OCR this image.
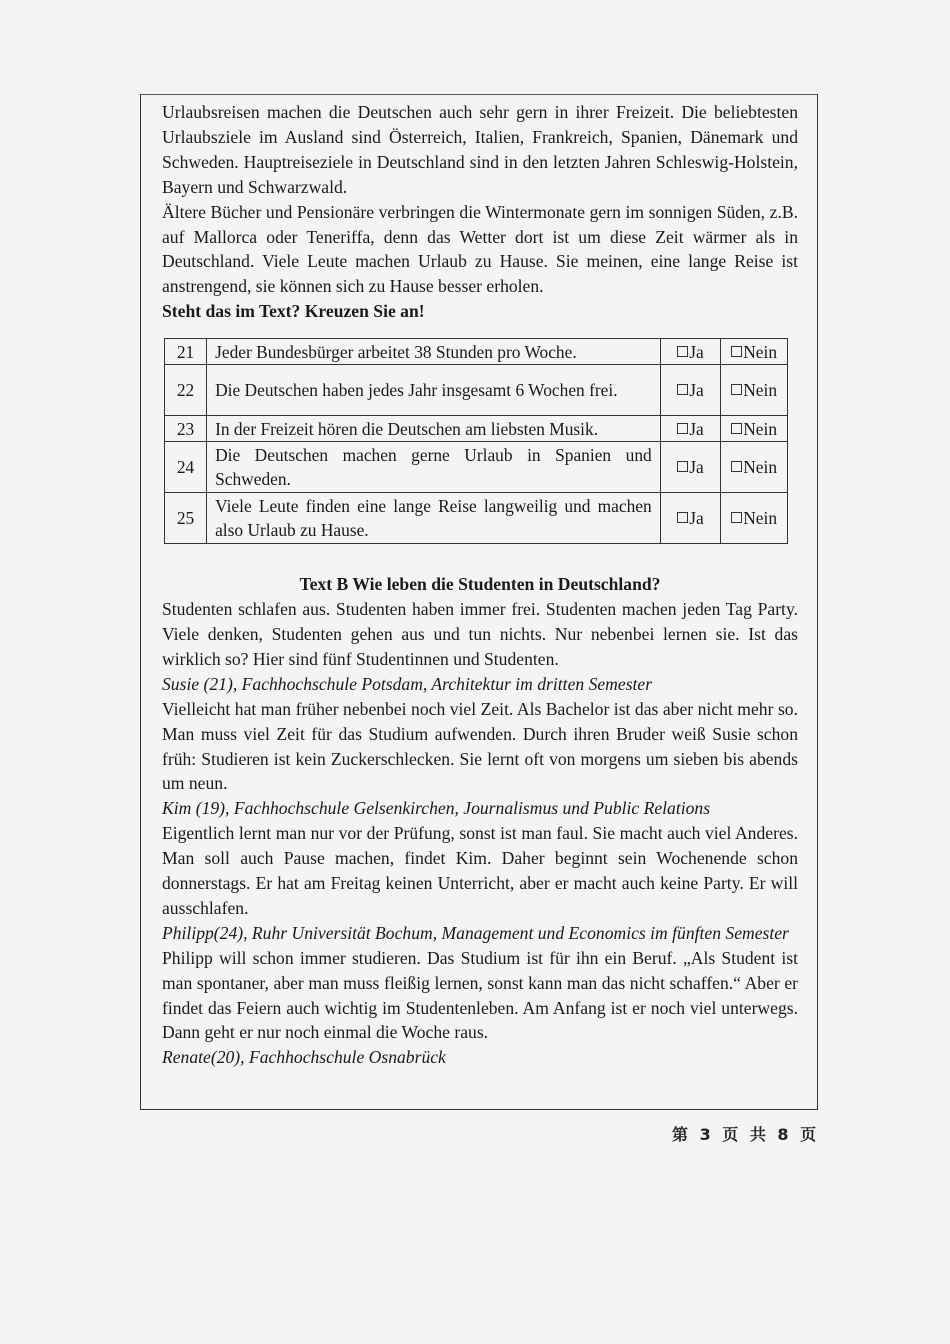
Urlaubsreisen machen die Deutschen auch sehr gern in ihrer Freizeit. Die beliebtesten Urlaubsziele im Ausland sind Österreich, Italien, Frankreich, Spanien, Dänemark und Schweden. Hauptreiseziele in Deutschland sind in den letzten Jahren Schleswig-Holstein, Bayern und Schwarzwald.

Ältere Bücher und Pensionäre verbringen die Wintermonate gern im sonnigen Süden, z.B. auf Mallorca oder Teneriffa, denn das Wetter dort ist um diese Zeit wärmer als in Deutschland. Viele Leute machen Urlaub zu Hause. Sie meinen, eine lange Reise ist anstrengend, sie können sich zu Hause besser erholen.

Steht das im Text? Kreuzen Sie an!

21	Jeder Bundesbürger arbeitet 38 Stunden pro Woche.	Ja	Nein
22	Die Deutschen haben jedes Jahr insgesamt 6 Wochen frei.	Ja	Nein
23	In der Freizeit hören die Deutschen am liebsten Musik.	Ja	Nein
24	Die Deutschen machen gerne Urlaub in Spanien und Schweden.	Ja	Nein
25	Viele Leute finden eine lange Reise langweilig und machen also Urlaub zu Hause.	Ja	Nein

Text B Wie leben die Studenten in Deutschland?

Studenten schlafen aus. Studenten haben immer frei. Studenten machen jeden Tag Party. Viele denken, Studenten gehen aus und tun nichts. Nur nebenbei lernen sie. Ist das wirklich so? Hier sind fünf Studentinnen und Studenten.

Susie (21), Fachhochschule Potsdam, Architektur im dritten Semester

Vielleicht hat man früher nebenbei noch viel Zeit. Als Bachelor ist das aber nicht mehr so. Man muss viel Zeit für das Studium aufwenden. Durch ihren Bruder weiß Susie schon früh: Studieren ist kein Zuckerschlecken. Sie lernt oft von morgens um sieben bis abends um neun.

Kim (19), Fachhochschule Gelsenkirchen, Journalismus und Public Relations

Eigentlich lernt man nur vor der Prüfung, sonst ist man faul. Sie macht auch viel Anderes. Man soll auch Pause machen, findet Kim. Daher beginnt sein Wochenende schon donnerstags. Er hat am Freitag keinen Unterricht, aber er macht auch keine Party. Er will ausschlafen.

Philipp(24), Ruhr Universität Bochum, Management und Economics im fünften Semester

Philipp will schon immer studieren. Das Studium ist für ihn ein Beruf. „Als Student ist man spontaner, aber man muss fleißig lernen, sonst kann man das nicht schaffen.“ Aber er findet das Feiern auch wichtig im Studentenleben. Am Anfang ist er noch viel unterwegs. Dann geht er nur noch einmal die Woche raus.

Renate(20), Fachhochschule Osnabrück

第 3 页 共 8 页
